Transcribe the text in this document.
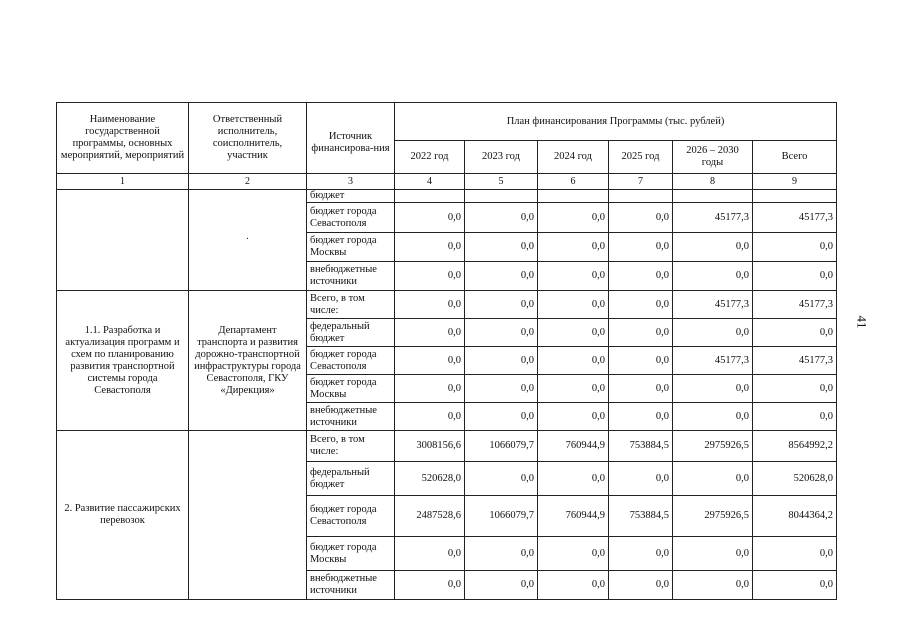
41
Наименование государственной программы, основных мероприятий, мероприятий	Ответственный исполнитель, соисполнитель, участник	Источник финансирова-ния	План финансирования Программы (тыс. рублей)					
			2022 год	2023 год	2024 год	2025 год	2026 – 2030 годы	Всего
1	2	3	4	5	6	7	8	9
	·	бюджет						
		бюджет города Севастополя	0,0	0,0	0,0	0,0	45177,3	45177,3
		бюджет города Москвы	0,0	0,0	0,0	0,0	0,0	0,0
		внебюджетные источники	0,0	0,0	0,0	0,0	0,0	0,0
1.1. Разработка и актуализация программ и схем по планированию развития транспортной системы города Севастополя	Департамент транспорта и развития дорожно-транспортной инфраструктуры города Севастополя, ГКУ «Дирекция»	Всего, в том числе:	0,0	0,0	0,0	0,0	45177,3	45177,3
		федеральный бюджет	0,0	0,0	0,0	0,0	0,0	0,0
		бюджет города Севастополя	0,0	0,0	0,0	0,0	45177,3	45177,3
		бюджет города Москвы	0,0	0,0	0,0	0,0	0,0	0,0
		внебюджетные источники	0,0	0,0	0,0	0,0	0,0	0,0
2. Развитие пассажирских перевозок		Всего, в том числе:	3008156,6	1066079,7	760944,9	753884,5	2975926,5	8564992,2
		федеральный бюджет	520628,0	0,0	0,0	0,0	0,0	520628,0
		бюджет города Севастополя	2487528,6	1066079,7	760944,9	753884,5	2975926,5	8044364,2
		бюджет города Москвы	0,0	0,0	0,0	0,0	0,0	0,0
		внебюджетные источники	0,0	0,0	0,0	0,0	0,0	0,0
